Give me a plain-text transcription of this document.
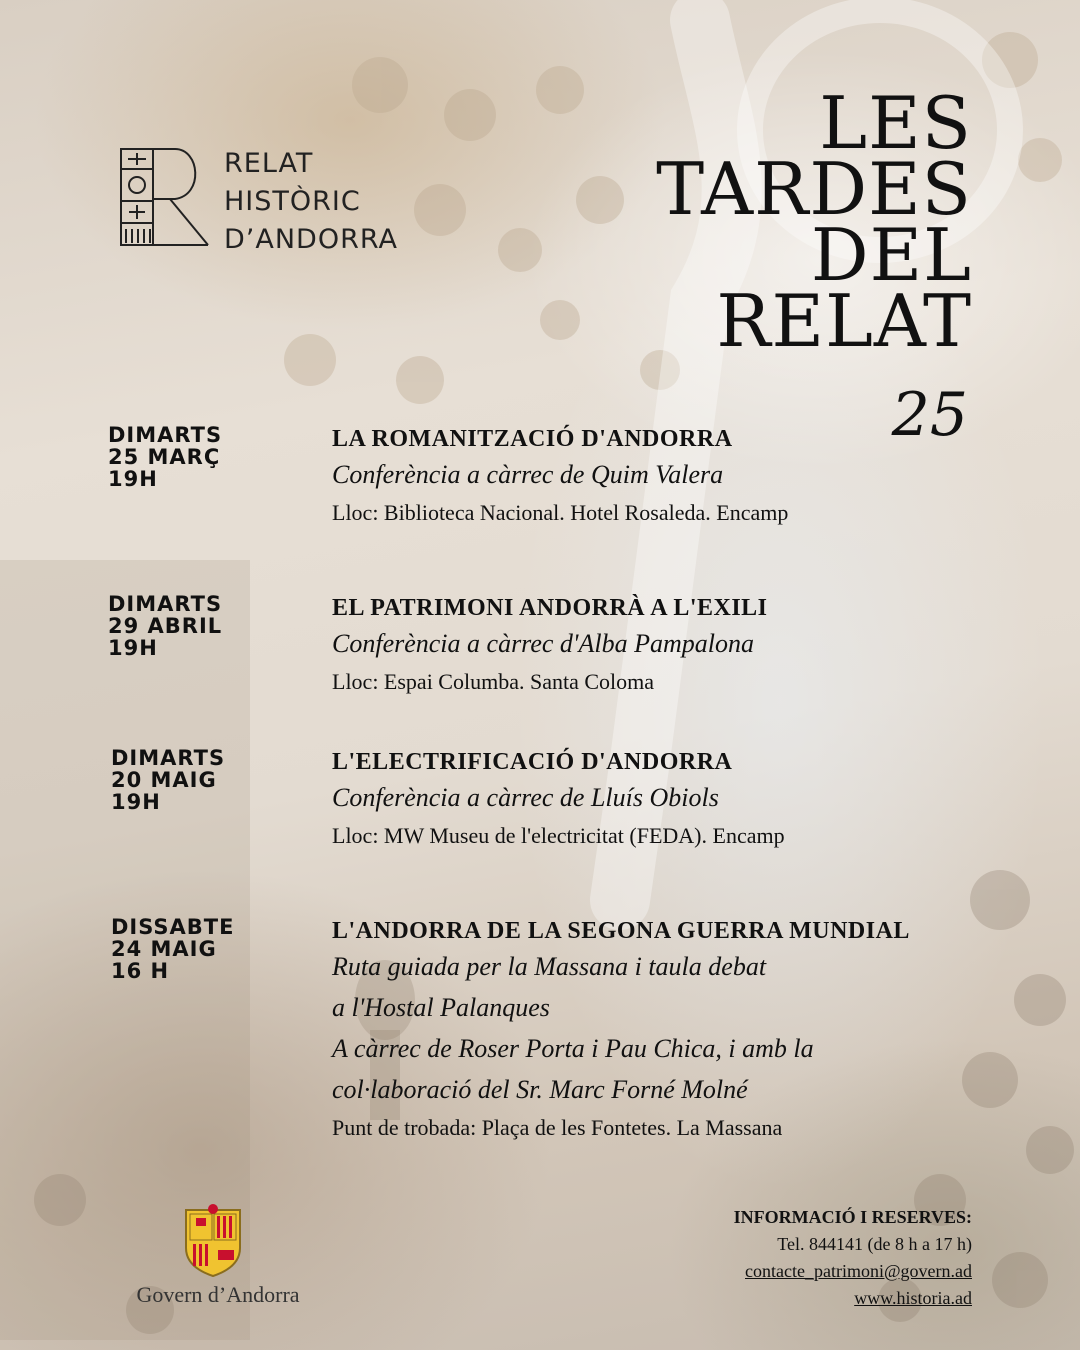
RELAT
HISTÒRIC
D’ANDORRA
LES
TARDES
DEL
RELAT
25
DIMARTS
25 MARÇ
19H
LA ROMANITZACIÓ D'ANDORRA
Conferència a càrrec de Quim Valera
Lloc: Biblioteca Nacional. Hotel Rosaleda. Encamp
DIMARTS
29 ABRIL
19H
EL PATRIMONI ANDORRÀ A L'EXILI
Conferència a càrrec d'Alba Pampalona
Lloc: Espai Columba. Santa Coloma
DIMARTS
20 MAIG
19H
L'ELECTRIFICACIÓ D'ANDORRA
Conferència a càrrec de Lluís Obiols
Lloc: MW Museu de l'electricitat (FEDA). Encamp
DISSABTE
24 MAIG
16 H
L'ANDORRA DE LA SEGONA GUERRA MUNDIAL
Ruta guiada per la Massana i taula debat
a l'Hostal Palanques
A càrrec de Roser Porta i Pau Chica, i amb la
col·laboració del Sr. Marc Forné Molné
Punt de trobada: Plaça de les Fontetes. La Massana
Govern d’Andorra
INFORMACIÓ I RESERVES:
Tel. 844141 (de 8 h a 17 h)
contacte_patrimoni@govern.ad
www.historia.ad
